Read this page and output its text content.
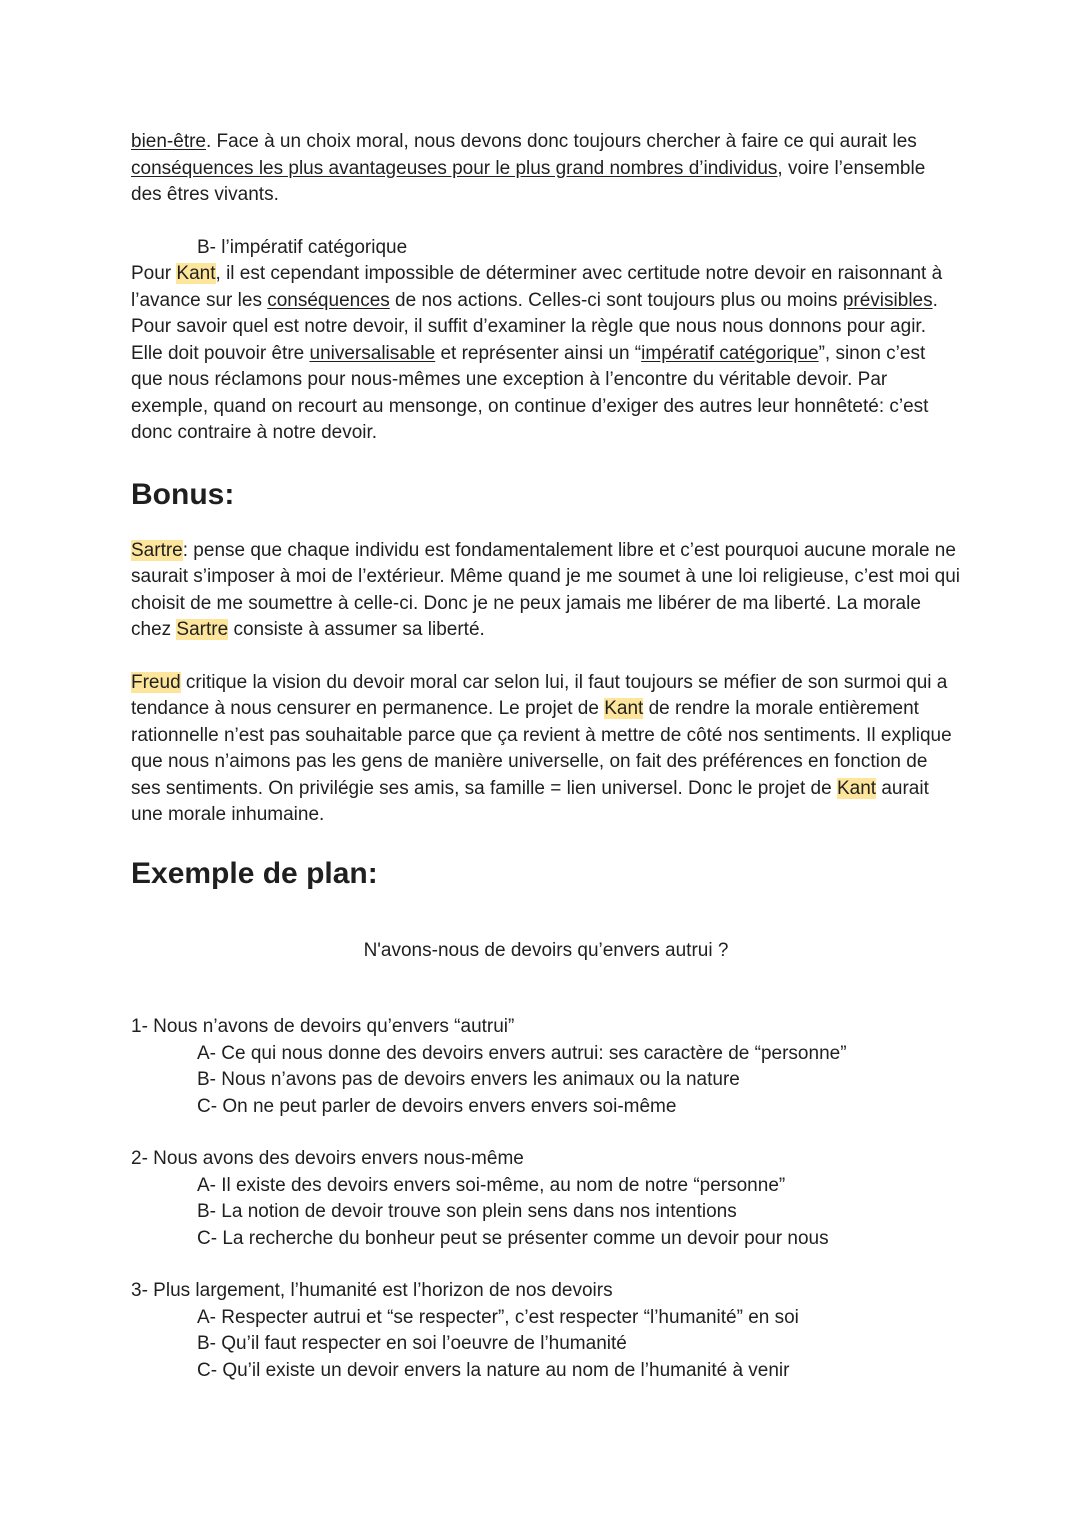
bien-être. Face à un choix moral, nous devons donc toujours chercher à faire ce qui aurait les conséquences les plus avantageuses pour le plus grand nombres d’individus, voire l’ensemble des êtres vivants.

B- l’impératif catégorique

Pour Kant, il est cependant impossible de déterminer avec certitude notre devoir en raisonnant à l’avance sur les conséquences de nos actions. Celles-ci sont toujours plus ou moins prévisibles. Pour savoir quel est notre devoir, il suffit d’examiner la règle que nous nous donnons pour agir. Elle doit pouvoir être universalisable et représenter ainsi un “impératif catégorique”, sinon c’est que nous réclamons pour nous-mêmes une exception à l’encontre du véritable devoir. Par exemple, quand on recourt au mensonge, on continue d’exiger des autres leur honnêteté: c’est donc contraire à notre devoir.

Bonus:

Sartre: pense que chaque individu est fondamentalement libre et c’est pourquoi aucune morale ne saurait s’imposer à moi de l’extérieur. Même quand je me soumet à une loi religieuse, c’est moi qui choisit de me soumettre à celle-ci. Donc je ne peux jamais me libérer de ma liberté. La morale chez Sartre consiste à assumer sa liberté.

Freud critique la vision du devoir moral car selon lui, il faut toujours se méfier de son surmoi qui a tendance à nous censurer en permanence. Le projet de Kant de rendre la morale entièrement rationnelle n’est pas souhaitable parce que ça revient à mettre de côté nos sentiments. Il explique que nous n’aimons pas les gens de manière universelle, on fait des préférences en fonction de ses sentiments. On privilégie ses amis, sa famille = lien universel. Donc le projet de Kant aurait une morale inhumaine.

Exemple de plan:

N'avons-nous de devoirs qu’envers autrui ?

1- Nous n’avons de devoirs qu’envers “autrui”

A- Ce qui nous donne des devoirs envers autrui: ses caractère de “personne”

B- Nous n’avons pas de devoirs envers les animaux ou la nature

C- On ne peut parler de devoirs envers envers soi-même

2- Nous avons des devoirs envers nous-même

A- Il existe des devoirs envers soi-même, au nom de notre “personne”

B- La notion de devoir trouve son plein sens dans nos intentions

C- La recherche du bonheur peut se présenter comme un devoir pour nous

3- Plus largement, l’humanité est l’horizon de nos devoirs

A- Respecter autrui et “se respecter”, c’est respecter “l’humanité” en soi

B- Qu’il faut respecter en soi l’oeuvre de l’humanité

C- Qu’il existe un devoir envers la nature au nom de l’humanité à venir
